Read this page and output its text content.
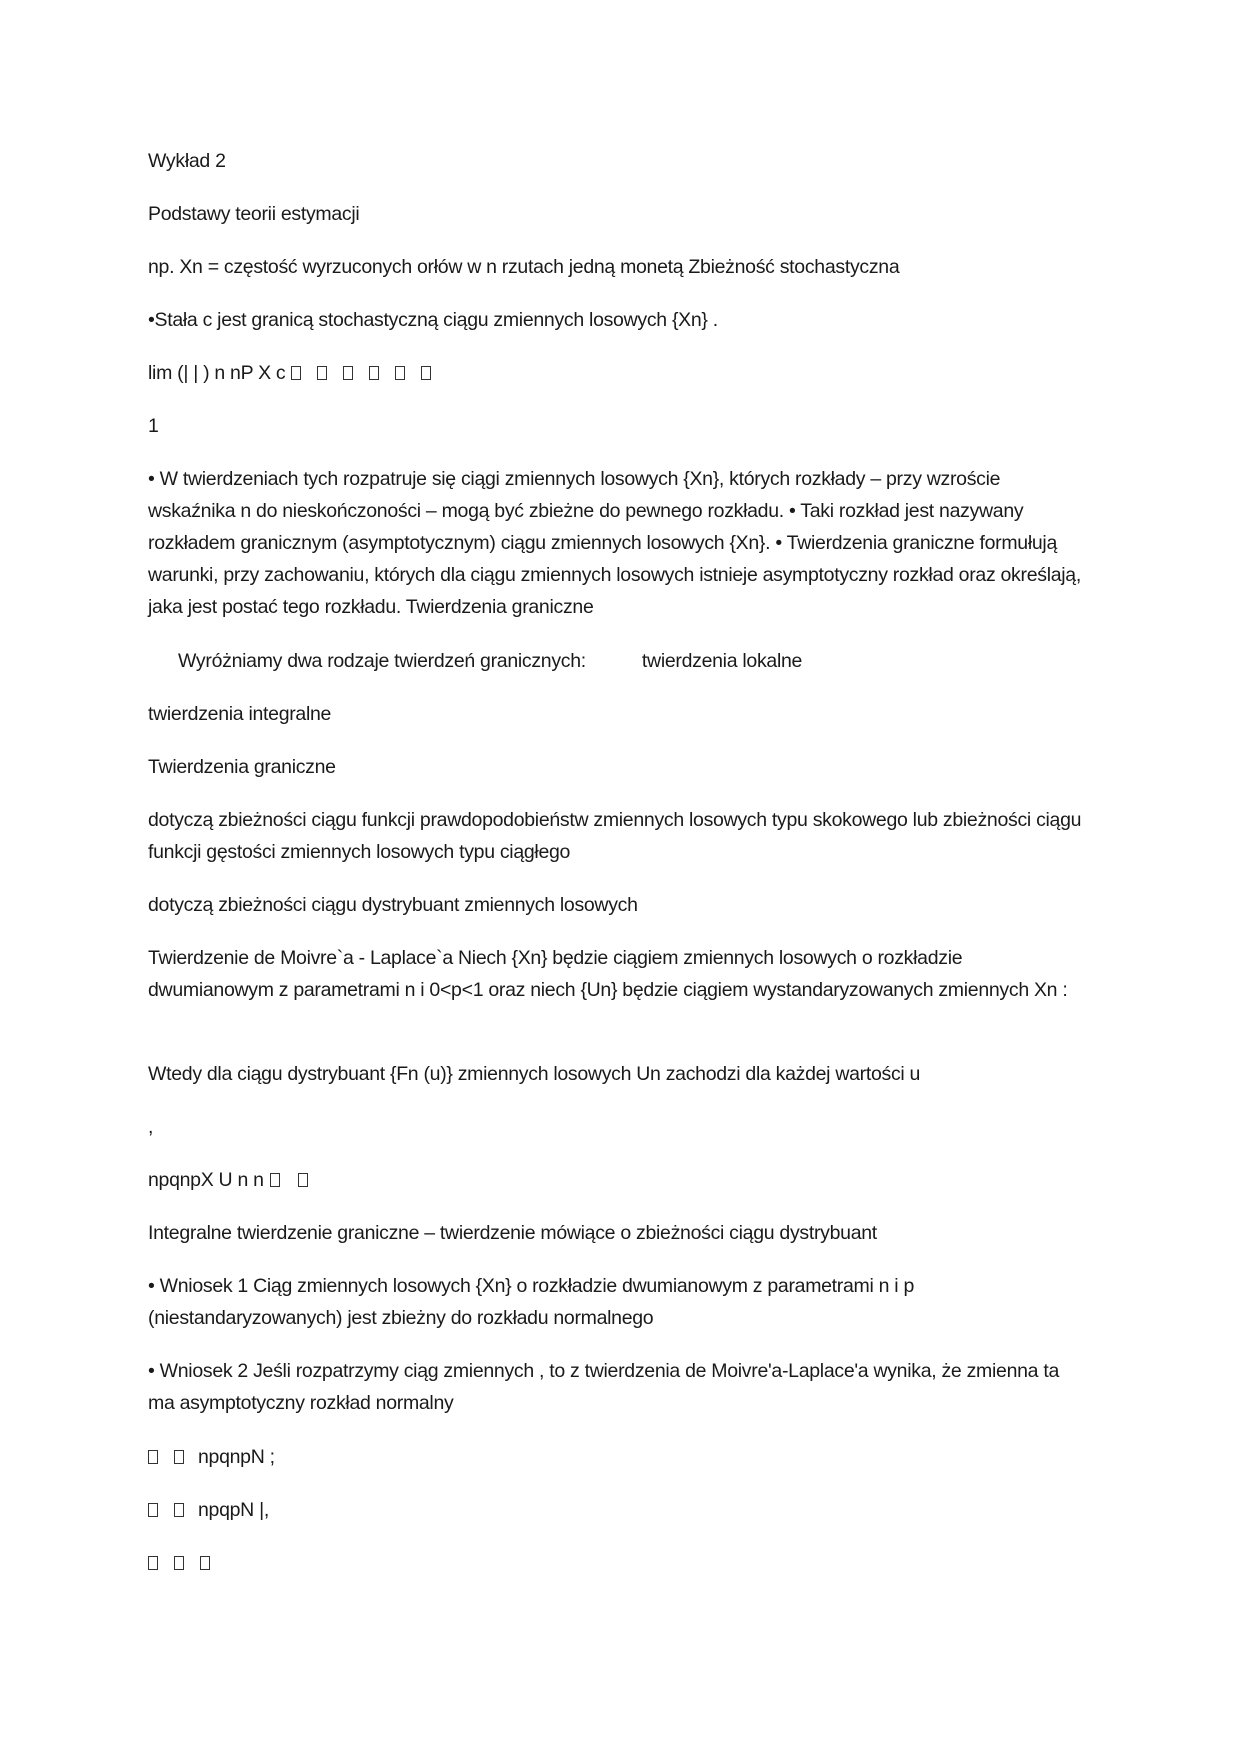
Wykład 2
Podstawy teorii estymacji
np. Xn = częstość wyrzuconych orłów w n rzutach jedną monetą Zbieżność stochastyczna
•Stała c jest granicą stochastyczną ciągu zmiennych losowych {Xn} .
lim (| | ) n nP X c
1
• W twierdzeniach tych rozpatruje się ciągi zmiennych losowych {Xn}, których rozkłady – przy wzroście wskaźnika n do nieskończoności – mogą być zbieżne do pewnego rozkładu. • Taki rozkład jest nazywany rozkładem granicznym (asymptotycznym) ciągu zmiennych losowych {Xn}. • Twierdzenia graniczne formułują warunki, przy zachowaniu, których dla ciągu zmiennych losowych istnieje asymptotyczny rozkład oraz określają, jaka jest postać tego rozkładu. Twierdzenia graniczne
Wyróżniamy dwa rodzaje twierdzeń granicznych:	twierdzenia lokalne
twierdzenia integralne
Twierdzenia graniczne
dotyczą zbieżności ciągu funkcji prawdopodobieństw zmiennych losowych typu skokowego lub zbieżności ciągu funkcji gęstości zmiennych losowych typu ciągłego
dotyczą zbieżności ciągu dystrybuant zmiennych losowych
Twierdzenie de Moivre`a - Laplace`a Niech {Xn} będzie ciągiem zmiennych losowych o rozkładzie dwumianowym z parametrami n i 0<p<1 oraz niech {Un} będzie ciągiem wystandaryzowanych zmiennych Xn :
Wtedy dla ciągu dystrybuant {Fn (u)} zmiennych losowych Un zachodzi dla każdej wartości u
,
npqnpX U n n
Integralne twierdzenie graniczne – twierdzenie mówiące o zbieżności ciągu dystrybuant
• Wniosek 1 Ciąg zmiennych losowych {Xn} o rozkładzie dwumianowym z parametrami n i p (niestandaryzowanych) jest zbieżny do rozkładu normalnego
• Wniosek 2 Jeśli rozpatrzymy ciąg zmiennych , to z twierdzenia de Moivre'a-Laplace'a wynika, że zmienna ta ma asymptotyczny rozkład normalny
npqnpN ;
npqpN |,
